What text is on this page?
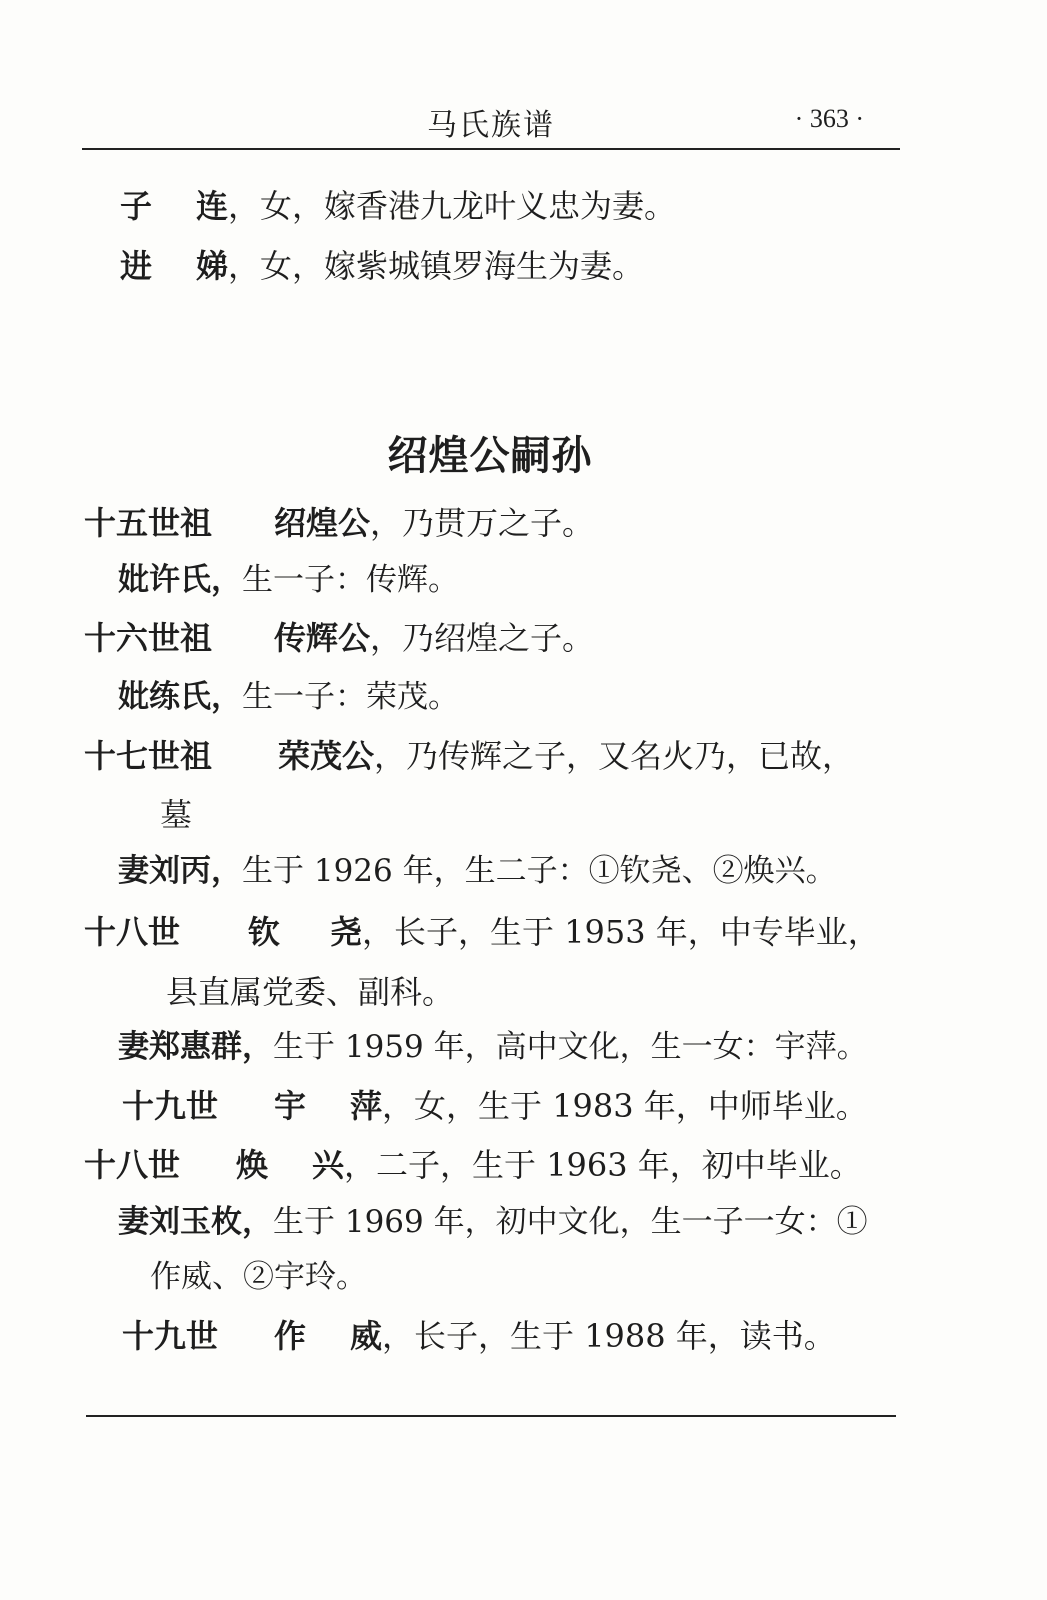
马氏族谱	· 363 ·
子 连，女，嫁香港九龙叶义忠为妻。
进 娣，女，嫁紫城镇罗海生为妻。
绍煌公嗣孙
十五世祖 绍煌公，乃贯万之子。
妣许氏，生一子：传辉。
十六世祖 传辉公，乃绍煌之子。
妣练氏，生一子：荣茂。
十七世祖 荣茂公，乃传辉之子，又名火乃，已故，
墓
妻刘丙，生于 1926 年，生二子：①钦尧、②焕兴。
十八世 钦 尧，长子，生于 1953 年，中专毕业，
县直属党委、副科。
妻郑惠群，生于 1959 年，高中文化，生一女：宇萍。
十九世 宇 萍，女，生于 1983 年，中师毕业。
十八世 焕 兴，二子，生于 1963 年，初中毕业。
妻刘玉枚，生于 1969 年，初中文化，生一子一女：①
作威、②宇玲。
十九世 作 威，长子，生于 1988 年，读书。
